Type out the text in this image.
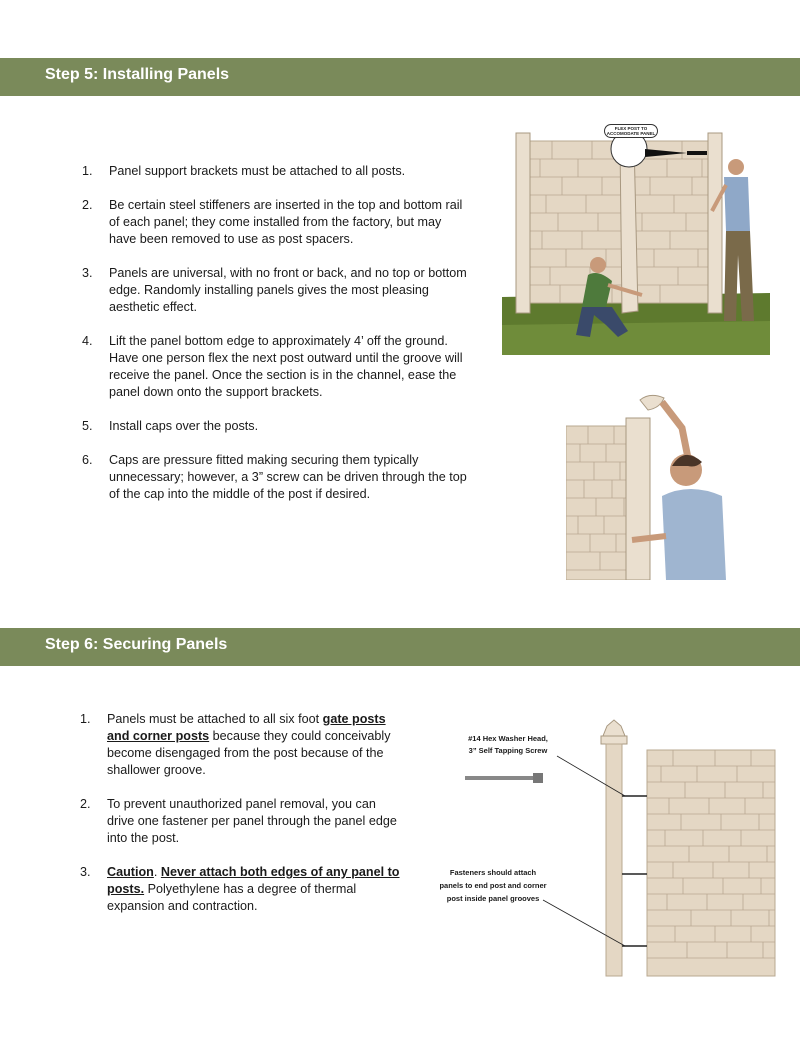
Step 5: Installing Panels
1. Panel support brackets must be attached to all posts.
2. Be certain steel stiffeners are inserted in the top and bottom rail of each panel; they come installed from the factory, but may have been removed to use as post spacers.
3. Panels are universal, with no front or back, and no top or bottom edge. Randomly installing panels gives the most pleasing aesthetic effect.
4. Lift the panel bottom edge to approximately 4’ off the ground. Have one person flex the next post outward until the groove will receive the panel. Once the section is in the channel, ease the panel down onto the support brackets.
5. Install caps over the posts.
6. Caps are pressure fitted making securing them typically unnecessary; however, a 3” screw can be driven through the top of the cap into the middle of the post if desired.
FLEX POST TO ACCOMODATE PANEL
Step 6: Securing Panels
1. Panels must be attached to all six foot gate posts and corner posts because they could conceivably become disengaged from the post because of the shallower groove.
2. To prevent unauthorized panel removal, you can drive one fastener per panel through the panel edge into the post.
3. Caution. Never attach both edges of any panel to posts. Polyethylene has a degree of thermal expansion and contraction.
#14 Hex Washer Head,
3” Self Tapping Screw
Fasteners should attach
panels to end post and corner
post inside panel grooves
